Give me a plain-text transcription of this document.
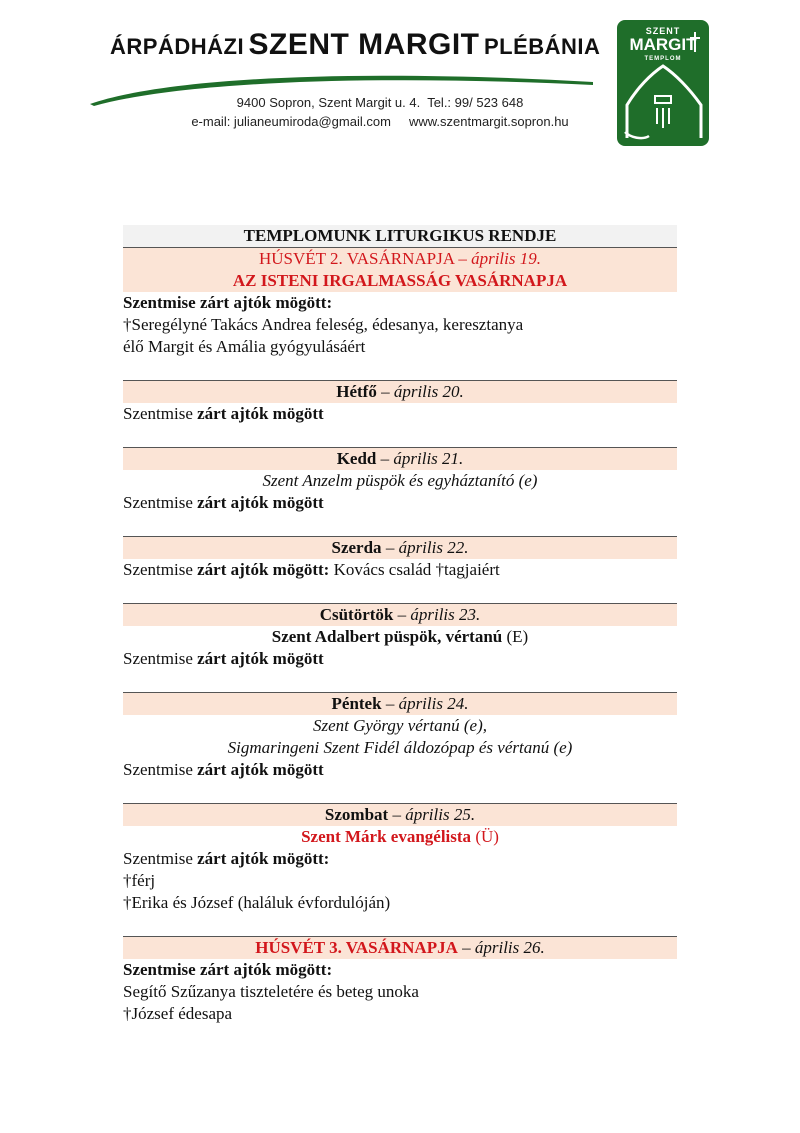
ÁRPÁDHÁZI SZENT MARGIT PLÉBÁNIA
9400 Sopron, Szent Margit u. 4.  Tel.: 99/ 523 648
e-mail: julianeumiroda@gmail.com www.szentmargit.sopron.hu
SZENT
MARGIT
TEMPLOM
TEMPLOMUNK LITURGIKUS RENDJE
HÚSVÉT 2. VASÁRNAPJA – április 19.
AZ ISTENI IRGALMASSÁG VASÁRNAPJA
Szentmise zárt ajtók mögött:
†Seregélyné Takács Andrea feleség, édesanya, keresztanya
élő Margit és Amália gyógyulásáért
Hétfő – április 20.
Szentmise zárt ajtók mögött
Kedd – április 21.
Szent Anzelm püspök és egyháztanító (e)
Szentmise zárt ajtók mögött
Szerda – április 22.
Szentmise zárt ajtók mögött: Kovács család †tagjaiért
Csütörtök – április 23.
Szent Adalbert püspök, vértanú (E)
Szentmise zárt ajtók mögött
Péntek – április 24.
Szent György vértanú (e),
Sigmaringeni Szent Fidél áldozópap és vértanú (e)
Szentmise zárt ajtók mögött
Szombat – április 25.
Szent Márk evangélista (Ü)
Szentmise zárt ajtók mögött:
†férj
†Erika és József (haláluk évfordulóján)
HÚSVÉT 3. VASÁRNAPJA – április 26.
Szentmise zárt ajtók mögött:
Segítő Szűzanya tiszteletére és beteg unoka
†József édesapa
